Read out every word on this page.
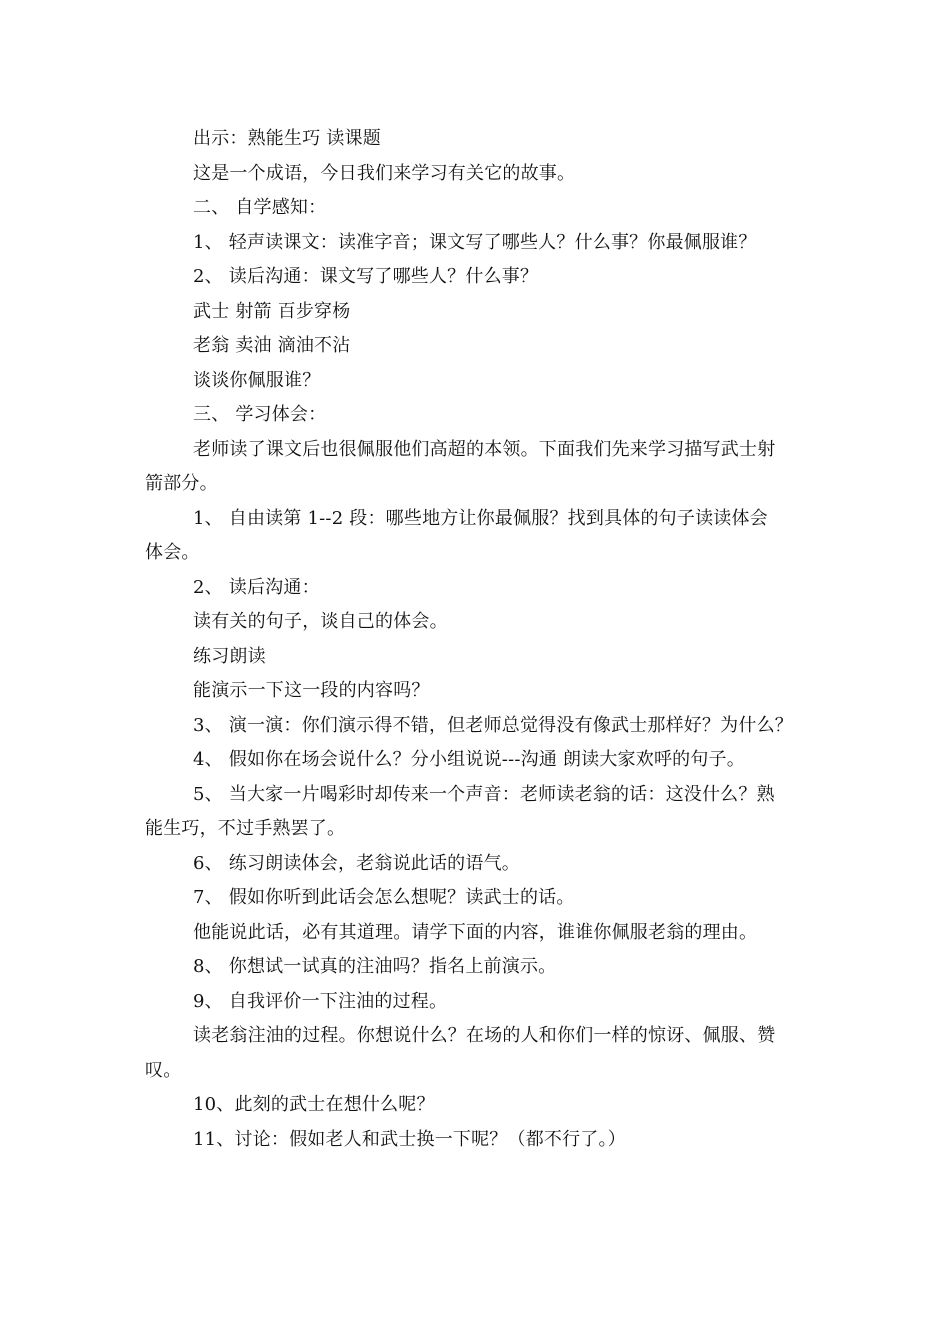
出示：熟能生巧 读课题
这是一个成语，今日我们来学习有关它的故事。
二、 自学感知：
1、 轻声读课文：读准字音；课文写了哪些人？什么事？你最佩服谁？
2、 读后沟通：课文写了哪些人？什么事？
武士 射箭 百步穿杨
老翁 卖油 滴油不沾
谈谈你佩服谁？
三、 学习体会：
老师读了课文后也很佩服他们高超的本领。下面我们先来学习描写武士射
箭部分。
1、 自由读第 1--2 段：哪些地方让你最佩服？找到具体的句子读读体会
体会。
2、 读后沟通：
读有关的句子，谈自己的体会。
练习朗读
能演示一下这一段的内容吗？
3、 演一演：你们演示得不错，但老师总觉得没有像武士那样好？为什么？
4、 假如你在场会说什么？分小组说说---沟通 朗读大家欢呼的句子。
5、 当大家一片喝彩时却传来一个声音：老师读老翁的话：这没什么？熟
能生巧，不过手熟罢了。
6、 练习朗读体会，老翁说此话的语气。
7、 假如你听到此话会怎么想呢？读武士的话。
他能说此话，必有其道理。请学下面的内容，谁谁你佩服老翁的理由。
8、 你想试一试真的注油吗？指名上前演示。
9、 自我评价一下注油的过程。
读老翁注油的过程。你想说什么？在场的人和你们一样的惊讶、佩服、赞
叹。
10、此刻的武士在想什么呢？
11、讨论：假如老人和武士换一下呢？（都不行了。）
